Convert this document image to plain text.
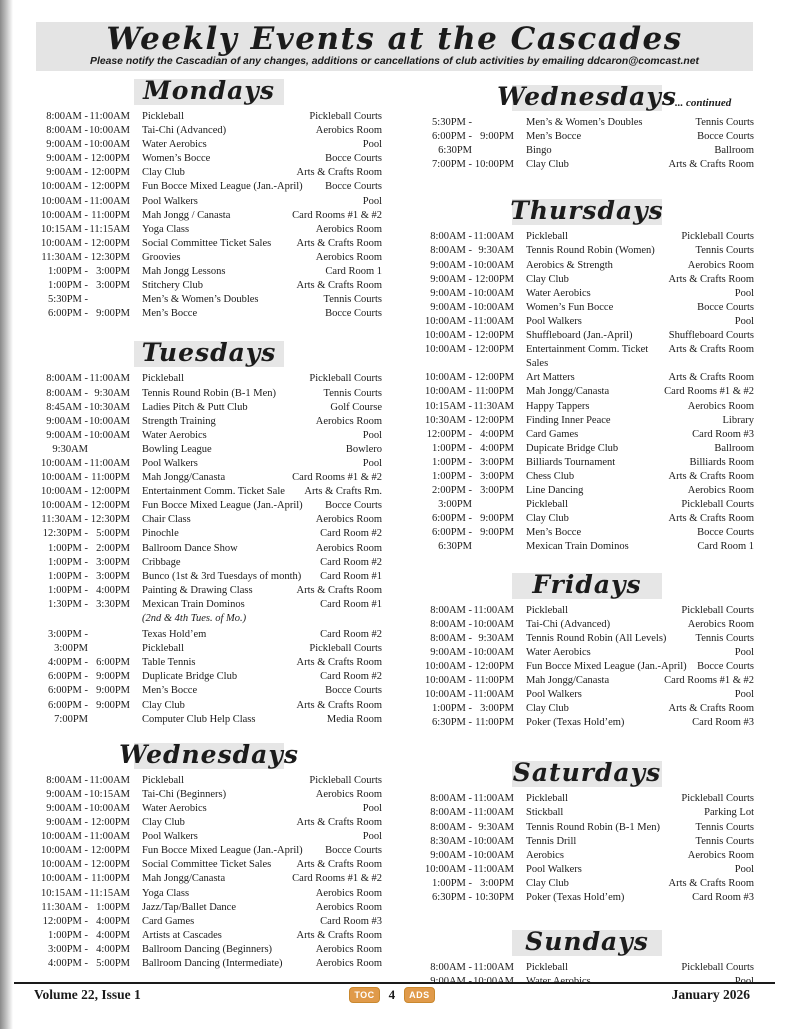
Weekly Events at the Cascades
Please notify the Cascadian of any changes, additions or cancellations of club activities by emailing ddcaron@comcast.net
Mondays
8:00AM - 11:00AM Pickleball	Pickleball Courts
8:00AM - 10:00AM Tai-Chi (Advanced)	Aerobics Room
9:00AM - 10:00AM Water Aerobics	Pool
9:00AM - 12:00PM Women’s Bocce	Bocce Courts
9:00AM - 12:00PM Clay Club	Arts & Crafts Room
10:00AM - 12:00PM Fun Bocce Mixed League (Jan.-April)	Bocce Courts
10:00AM - 11:00AM Pool Walkers	Pool
10:00AM - 11:00PM Mah Jongg / Canasta	Card Rooms #1 & #2
10:15AM - 11:15AM Yoga Class	Aerobics Room
10:00AM - 12:00PM Social Committee Ticket Sales	Arts & Crafts Room
11:30AM - 12:30PM Groovies	Aerobics Room
1:00PM - 3:00PM Mah Jongg Lessons	Card Room 1
1:00PM - 3:00PM Stitchery Club	Arts & Crafts Room
5:30PM -	Men’s & Women’s Doubles	Tennis Courts
6:00PM - 9:00PM Men’s Bocce	Bocce Courts
Tuesdays
8:00AM - 11:00AM Pickleball	Pickleball Courts
8:00AM - 9:30AM Tennis Round Robin (B-1 Men)	Tennis Courts
8:45AM - 10:30AM Ladies Pitch & Putt Club	Golf Course
9:00AM - 10:00AM Strength Training	Aerobics Room
9:00AM - 10:00AM Water Aerobics	Pool
9:30AM	Bowling League	Bowlero
10:00AM - 11:00AM Pool Walkers	Pool
10:00AM - 11:00PM Mah Jongg/Canasta	Card Rooms #1 & #2
10:00AM - 12:00PM Entertainment Comm. Ticket Sale	Arts & Crafts Rm.
10:00AM - 12:00PM Fun Bocce Mixed League (Jan.-April)	Bocce Courts
11:30AM - 12:30PM Chair Class	Aerobics Room
12:30PM - 5:00PM Pinochle	Card Room #2
1:00PM - 2:00PM Ballroom Dance Show	Aerobics Room
1:00PM - 3:00PM Cribbage	Card Room #2
1:00PM - 3:00PM Bunco (1st & 3rd Tuesdays of month)	Card Room #1
1:00PM - 4:00PM Painting & Drawing Class	Arts & Crafts Room
1:30PM - 3:30PM Mexican Train Dominos	Card Room #1
(2nd & 4th Tues. of Mo.)
3:00PM -	Texas Hold’em	Card Room #2
3:00PM	Pickleball	Pickleball Courts
4:00PM - 6:00PM Table Tennis	Arts & Crafts Room
6:00PM - 9:00PM Duplicate Bridge Club	Card Room #2
6:00PM - 9:00PM Men’s Bocce	Bocce Courts
6:00PM - 9:00PM Clay Club	Arts & Crafts Room
7:00PM	Computer Club Help Class	Media Room
Wednesdays
8:00AM - 11:00AM Pickleball	Pickleball Courts
9:00AM - 10:15AM Tai-Chi (Beginners)	Aerobics Room
9:00AM - 10:00AM Water Aerobics	Pool
9:00AM - 12:00PM Clay Club	Arts & Crafts Room
10:00AM - 11:00AM Pool Walkers	Pool
10:00AM - 12:00PM Fun Bocce Mixed League (Jan.-April)	Bocce Courts
10:00AM - 12:00PM Social Committee Ticket Sales	Arts & Crafts Room
10:00AM - 11:00PM Mah Jongg/Canasta	Card Rooms #1 & #2
10:15AM - 11:15AM Yoga Class	Aerobics Room
11:30AM - 1:00PM Jazz/Tap/Ballet Dance	Aerobics Room
12:00PM - 4:00PM Card Games	Card Room #3
1:00PM - 4:00PM Artists at Cascades	Arts & Crafts Room
3:00PM - 4:00PM Ballroom Dancing (Beginners)	Aerobics Room
4:00PM - 5:00PM Ballroom Dancing (Intermediate)	Aerobics Room
Wednesdays
... continued
5:30PM -	Men’s & Women’s Doubles	Tennis Courts
6:00PM - 9:00PM Men’s Bocce	Bocce Courts
6:30PM	Bingo	Ballroom
7:00PM - 10:00PM Clay Club	Arts & Crafts Room
Thursdays
8:00AM - 11:00AM Pickleball	Pickleball Courts
8:00AM - 9:30AM Tennis Round Robin (Women)	Tennis Courts
9:00AM - 10:00AM Aerobics & Strength	Aerobics Room
9:00AM - 12:00PM Clay Club	Arts & Crafts Room
9:00AM - 10:00AM Water Aerobics	Pool
9:00AM - 10:00AM Women’s Fun Bocce	Bocce Courts
10:00AM - 11:00AM Pool Walkers	Pool
10:00AM - 12:00PM Shuffleboard (Jan.-April)	Shuffleboard Courts
10:00AM - 12:00PM Entertainment Comm. Ticket Sales
Arts & Crafts Room
10:00AM - 12:00PM Art Matters	Arts & Crafts Room
10:00AM - 11:00PM Mah Jongg/Canasta	Card Rooms #1 & #2
10:15AM - 11:30AM Happy Tappers	Aerobics Room
10:30AM - 12:00PM Finding Inner Peace	Library
12:00PM - 4:00PM Card Games	Card Room #3
1:00PM - 4:00PM Dupicate Bridge Club	Ballroom
1:00PM - 3:00PM Billiards Tournament	Billiards Room
1:00PM - 3:00PM Chess Club	Arts & Crafts Room
2:00PM - 3:00PM Line Dancing	Aerobics Room
3:00PM	Pickleball	Pickleball Courts
6:00PM - 9:00PM Clay Club	Arts & Crafts Room
6:00PM - 9:00PM Men’s Bocce	Bocce Courts
6:30PM	Mexican Train Dominos	Card Room 1
Fridays
8:00AM - 11:00AM Pickleball	Pickleball Courts
8:00AM - 10:00AM Tai-Chi (Advanced)	Aerobics Room
8:00AM - 9:30AM Tennis Round Robin (All Levels)	Tennis Courts
9:00AM - 10:00AM Water Aerobics	Pool
10:00AM - 12:00PM Fun Bocce Mixed League (Jan.-April) Bocce Courts
10:00AM - 11:00PM Mah Jongg/Canasta	Card Rooms #1 & #2
10:00AM - 11:00AM Pool Walkers	Pool
1:00PM - 3:00PM Clay Club	Arts & Crafts Room
6:30PM - 11:00PM Poker (Texas Hold’em)	Card Room #3
Saturdays
8:00AM - 11:00AM Pickleball	Pickleball Courts
8:00AM - 11:00AM Stickball	Parking Lot
8:00AM - 9:30AM Tennis Round Robin (B-1 Men)	Tennis Courts
8:30AM - 10:00AM Tennis Drill	Tennis Courts
9:00AM - 10:00AM Aerobics	Aerobics Room
10:00AM - 11:00AM Pool Walkers	Pool
1:00PM - 3:00PM Clay Club	Arts & Crafts Room
6:30PM - 10:30PM Poker (Texas Hold’em)	Card Room #3
Sundays
8:00AM - 11:00AM Pickleball	Pickleball Courts
9:00AM - 10:00AM Water Aerobics	Pool
Volume 22, Issue 1	TOC	4	ADS	January 2026
